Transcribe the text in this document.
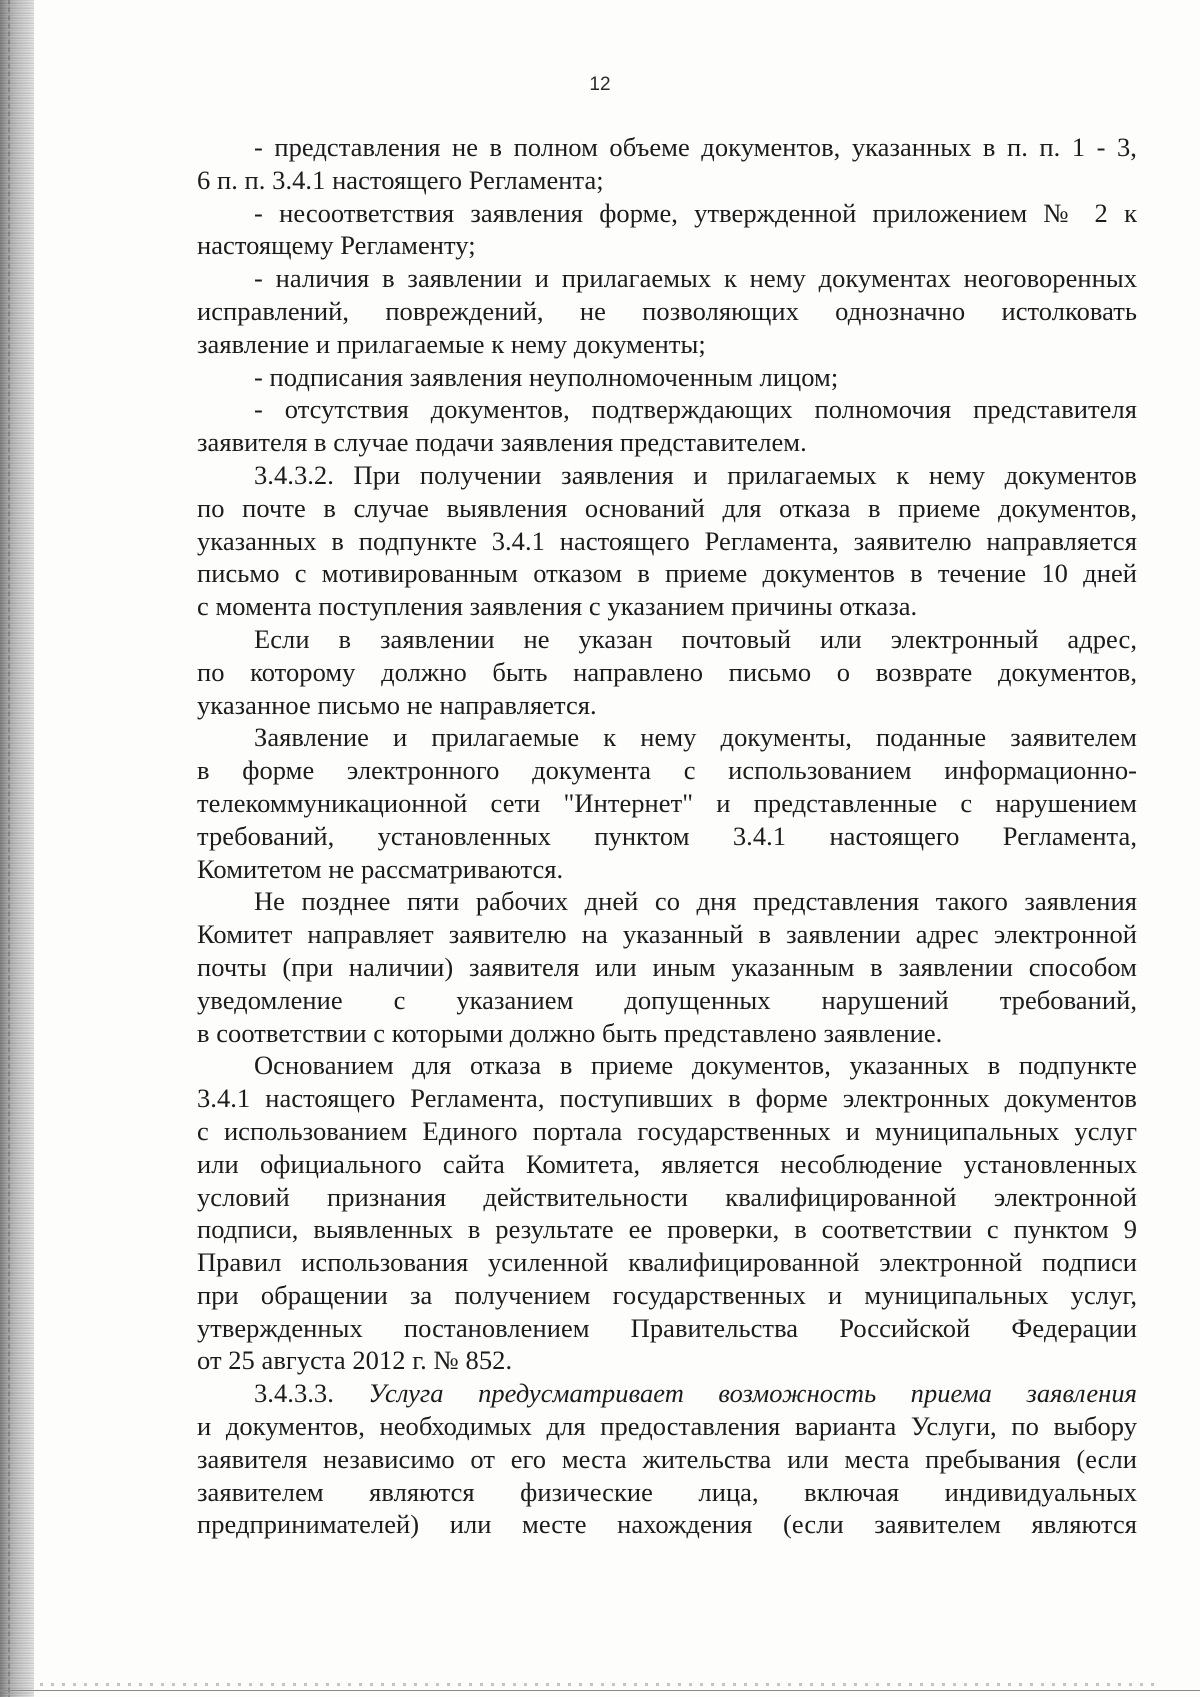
12
- представления не в полном объеме документов, указанных в п. п. 1 - 3,
6 п. п. 3.4.1 настоящего Регламента;
- несоответствия заявления форме, утвержденной приложением № 2 к
настоящему Регламенту;
- наличия в заявлении и прилагаемых к нему документах неоговоренных
исправлений, повреждений, не позволяющих однозначно истолковать
заявление и прилагаемые к нему документы;
- подписания заявления неуполномоченным лицом;
- отсутствия документов, подтверждающих полномочия представителя
заявителя в случае подачи заявления представителем.
3.4.3.2. При получении заявления и прилагаемых к нему документов
по почте в случае выявления оснований для отказа в приеме документов,
указанных в подпункте 3.4.1 настоящего Регламента, заявителю направляется
письмо с мотивированным отказом в приеме документов в течение 10 дней
с момента поступления заявления с указанием причины отказа.
Если в заявлении не указан почтовый или электронный адрес,
по которому должно быть направлено письмо о возврате документов,
указанное письмо не направляется.
Заявление и прилагаемые к нему документы, поданные заявителем
в форме электронного документа с использованием информационно-
телекоммуникационной сети "Интернет" и представленные с нарушением
требований, установленных пунктом 3.4.1 настоящего Регламента,
Комитетом не рассматриваются.
Не позднее пяти рабочих дней со дня представления такого заявления
Комитет направляет заявителю на указанный в заявлении адрес электронной
почты (при наличии) заявителя или иным указанным в заявлении способом
уведомление с указанием допущенных нарушений требований,
в соответствии с которыми должно быть представлено заявление.
Основанием для отказа в приеме документов, указанных в подпункте
3.4.1 настоящего Регламента, поступивших в форме электронных документов
с использованием Единого портала государственных и муниципальных услуг
или официального сайта Комитета, является несоблюдение установленных
условий признания действительности квалифицированной электронной
подписи, выявленных в результате ее проверки, в соответствии с пунктом 9
Правил использования усиленной квалифицированной электронной подписи
при обращении за получением государственных и муниципальных услуг,
утвержденных постановлением Правительства Российской Федерации
от 25 августа 2012 г. № 852.
3.4.3.3. Услуга предусматривает возможность приема заявления
и документов, необходимых для предоставления варианта Услуги, по выбору
заявителя независимо от его места жительства или места пребывания (если
заявителем являются физические лица, включая индивидуальных
предпринимателей) или месте нахождения (если заявителем являются
